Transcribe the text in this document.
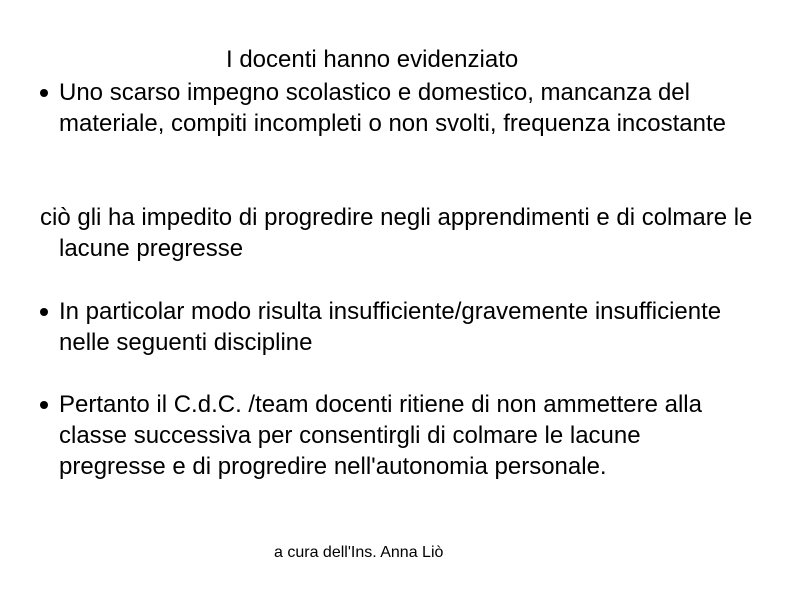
I docenti hanno evidenziato
Uno scarso impegno scolastico e domestico, mancanza del materiale, compiti incompleti o non svolti, frequenza incostante
ciò gli ha impedito di progredire negli apprendimenti e di colmare le lacune pregresse
In particolar modo risulta insufficiente/gravemente insufficiente nelle seguenti discipline
Pertanto il C.d.C. /team docenti ritiene di non ammettere alla classe successiva per consentirgli di colmare le lacune pregresse e di progredire nell'autonomia personale.
a cura dell'Ins. Anna Liò
